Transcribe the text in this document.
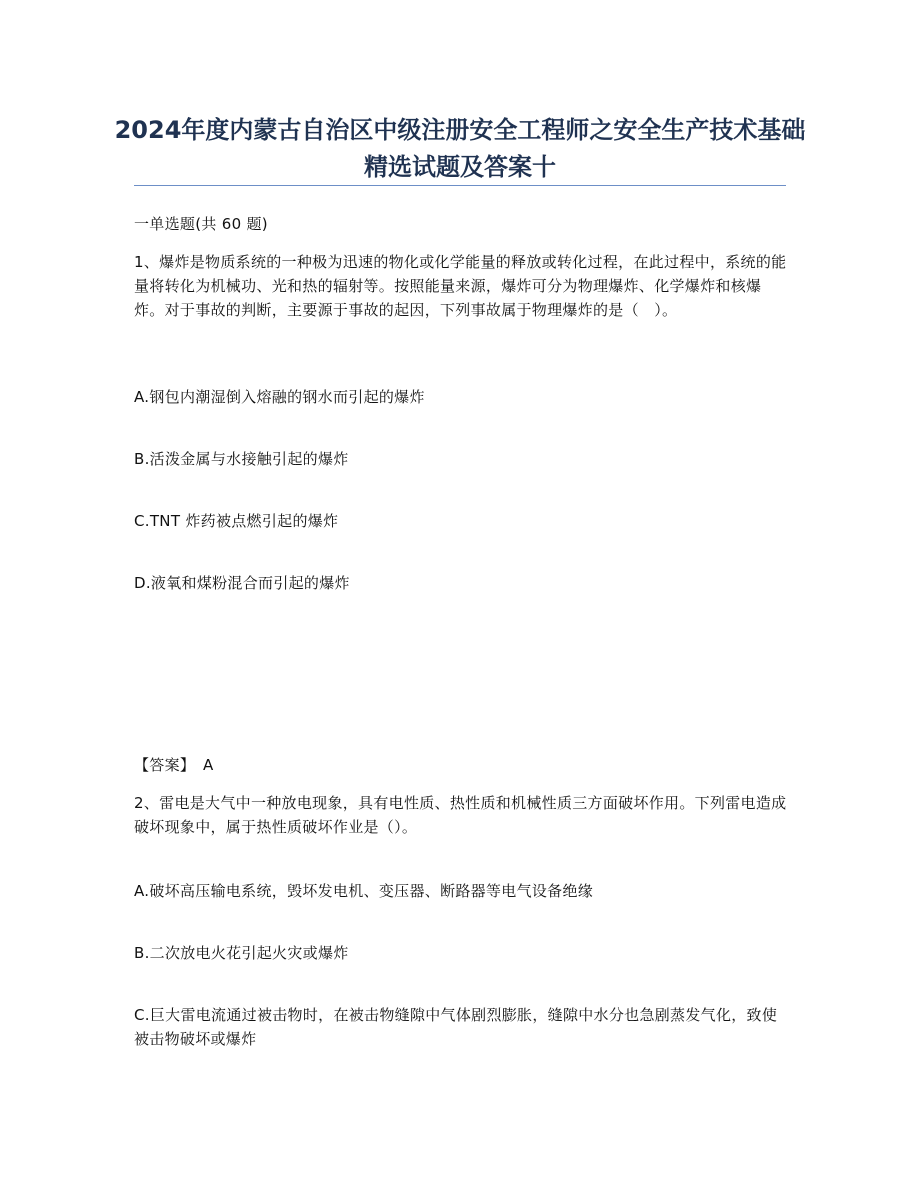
2024年度内蒙古自治区中级注册安全工程师之安全生产技术基础精选试题及答案十
一单选题(共 60 题)
1、爆炸是物质系统的一种极为迅速的物化或化学能量的释放或转化过程，在此过程中，系统的能量将转化为机械功、光和热的辐射等。按照能量来源，爆炸可分为物理爆炸、化学爆炸和核爆炸。对于事故的判断，主要源于事故的起因，下列事故属于物理爆炸的是（　）。
A.钢包内潮湿倒入熔融的钢水而引起的爆炸
B.活泼金属与水接触引起的爆炸
C.TNT 炸药被点燃引起的爆炸
D.液氧和煤粉混合而引起的爆炸
【答案】　A
2、雷电是大气中一种放电现象，具有电性质、热性质和机械性质三方面破坏作用。下列雷电造成破坏现象中，属于热性质破坏作业是（）。
A.破坏高压输电系统，毁坏发电机、变压器、断路器等电气设备绝缘
B.二次放电火花引起火灾或爆炸
C.巨大雷电流通过被击物时，在被击物缝隙中气体剧烈膨胀，缝隙中水分也急剧蒸发气化，致使被击物破坏或爆炸
